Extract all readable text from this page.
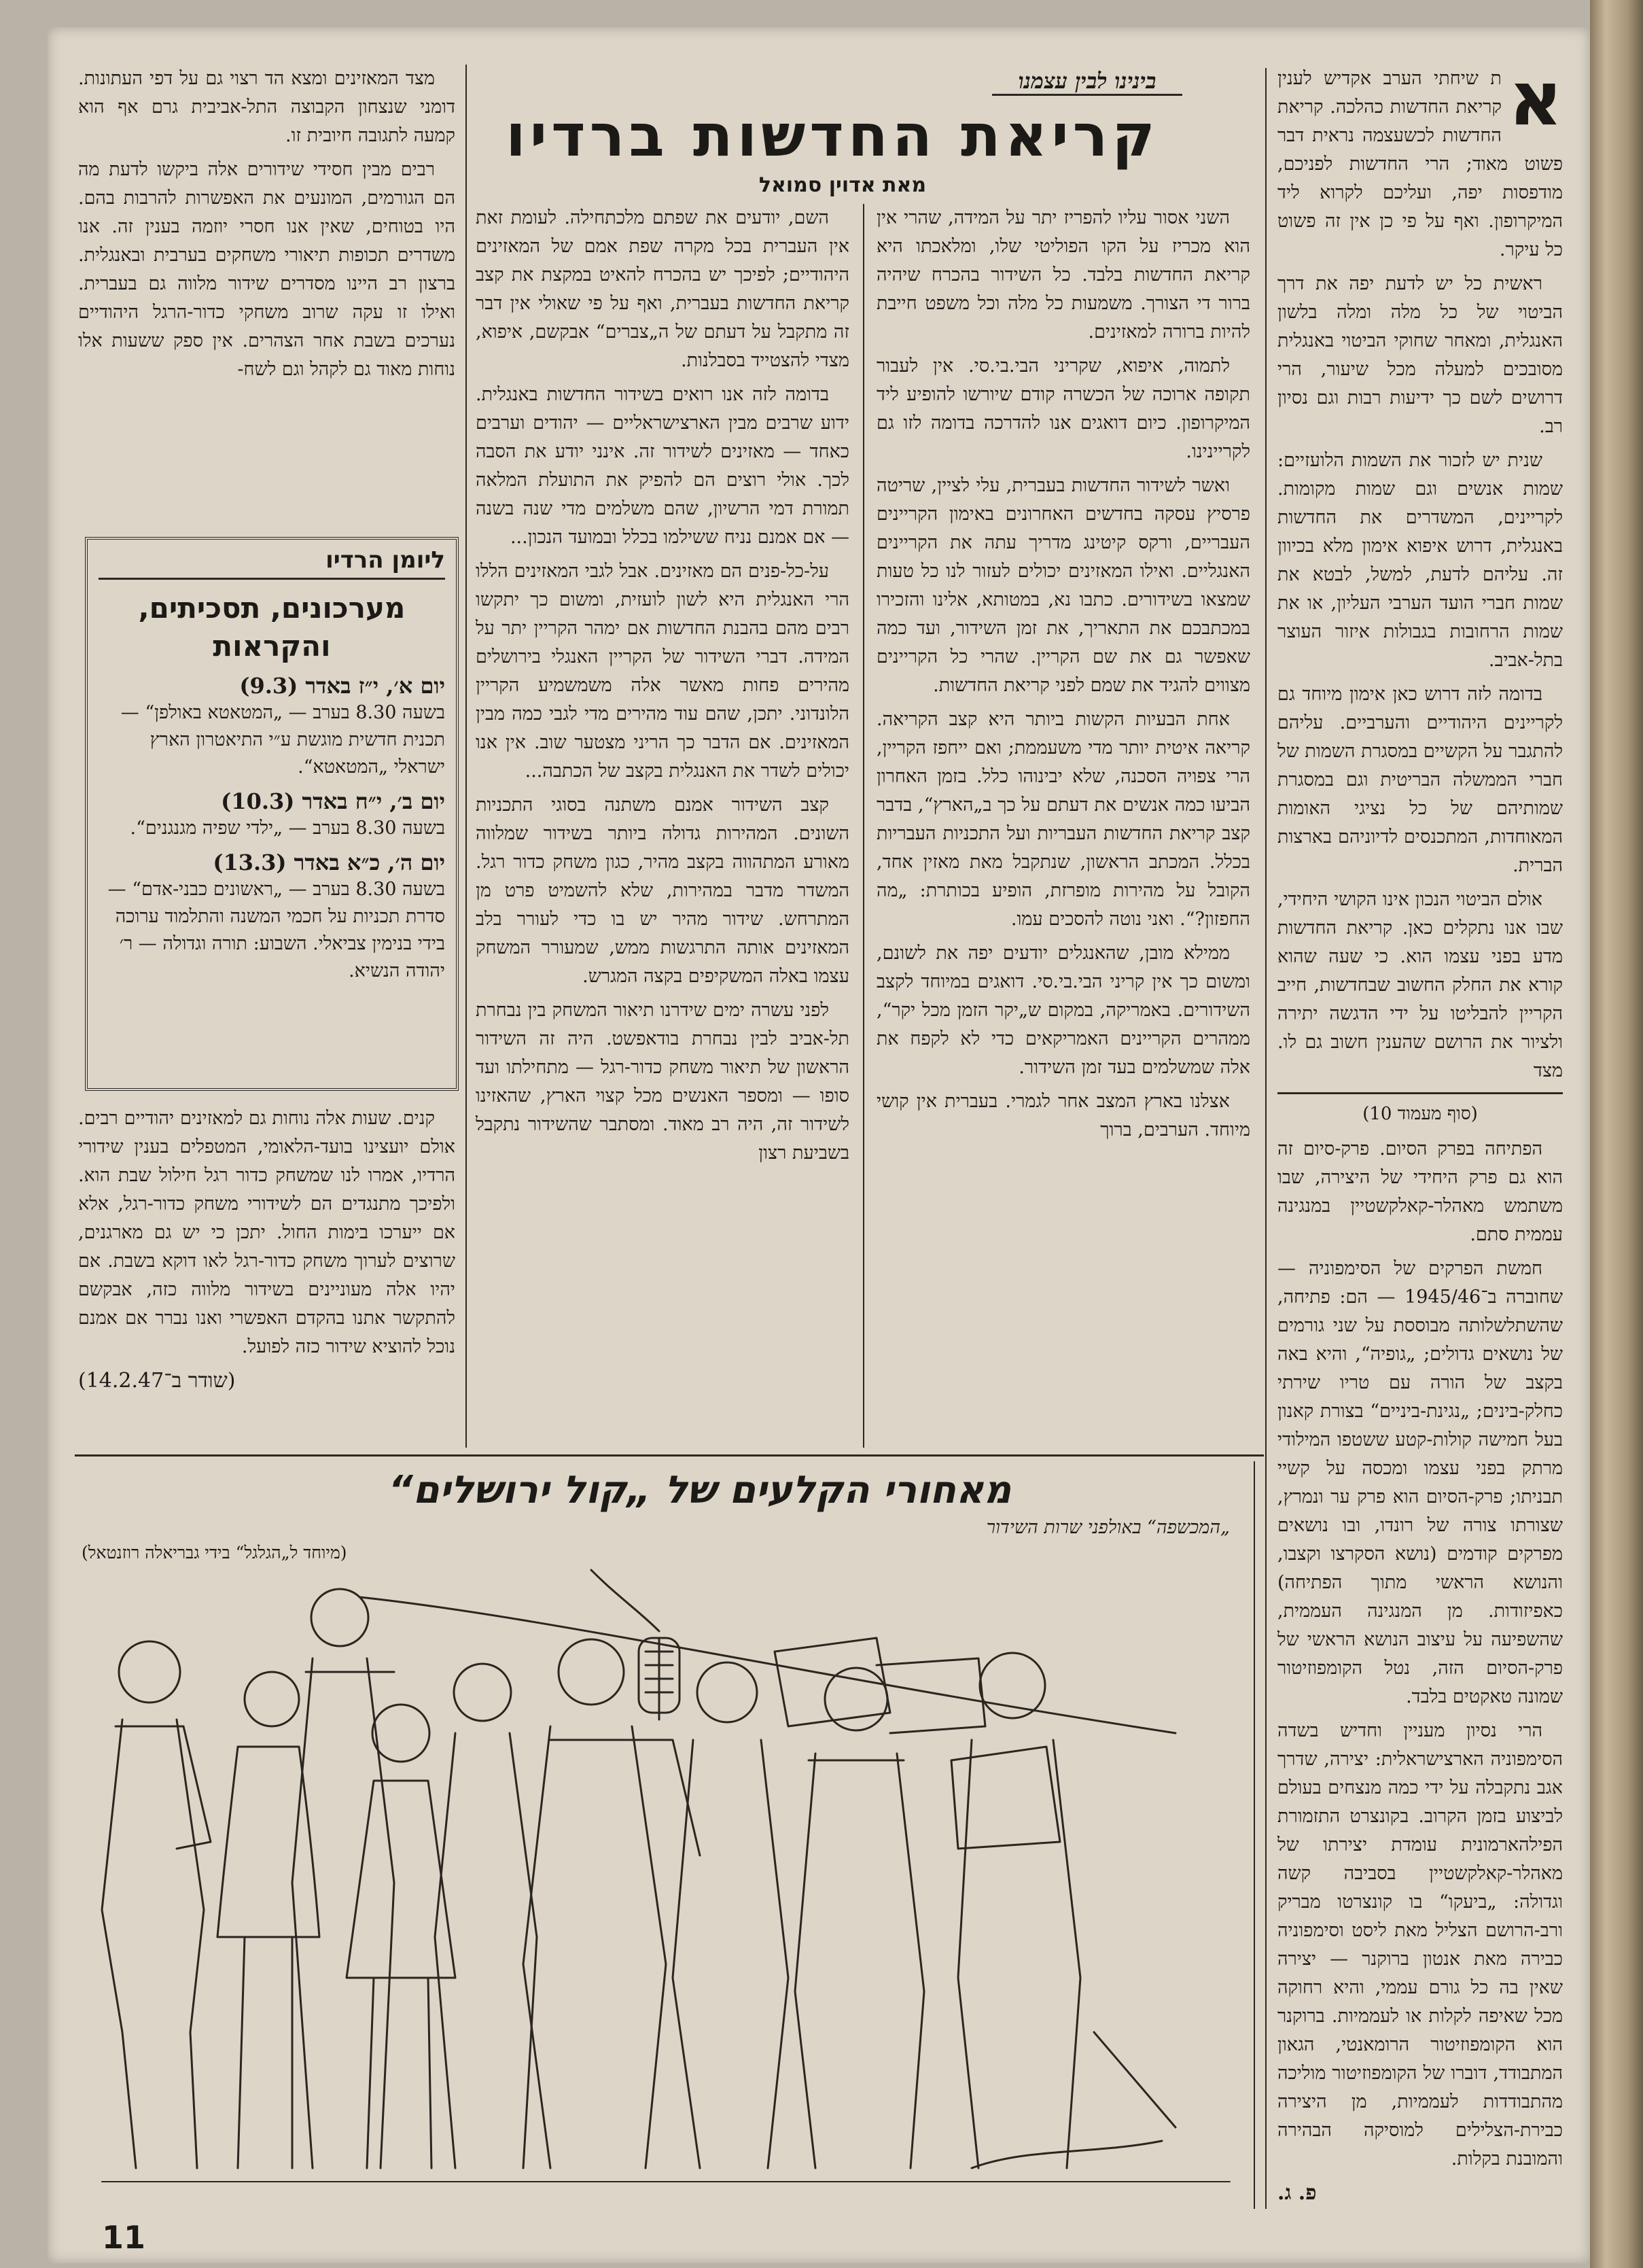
בינינו לבין עצמנו
קריאת החדשות ברדיו
מאת אדוין סמואל

א
ת שיחתי הערב אקדיש לענין קריאת החדשות כהלכה. קריאת החדשות לכשעצמה נראית דבר פשוט מאוד; הרי החדשות לפניכם, מודפסות יפה, ועליכם לקרוא ליד המיקרופון. ואף על פי כן אין זה פשוט כל עיקר.

ראשית כל יש לדעת יפה את דרך הביטוי של כל מלה ומלה בלשון האנגלית, ומאחר שחוקי הביטוי באנגלית מסובכים למעלה מכל שיעור, הרי דרושים לשם כך ידיעות רבות וגם נסיון רב.

שנית יש לזכור את השמות הלועזיים: שמות אנשים וגם שמות מקומות. לקריינים, המשדרים את החדשות באנגלית, דרוש איפוא אימון מלא בכיוון זה. עליהם לדעת, למשל, לבטא את שמות חברי הועד הערבי העליון, או את שמות הרחובות בגבולות איזור העוצר בתל-אביב.

בדומה לזה דרוש כאן אימון מיוחד גם לקריינים היהודיים והערביים. עליהם להתגבר על הקשיים במסגרת השמות של חברי הממשלה הבריטית וגם במסגרת שמותיהם של כל נציגי האומות המאוחדות, המתכנסים לדיוניהם בארצות הברית.

אולם הביטוי הנכון אינו הקושי היחידי, שבו אנו נתקלים כאן. קריאת החדשות מדע בפני עצמו הוא. כי שעה שהוא קורא את החלק החשוב שבחדשות, חייב הקריין להבליטו על ידי הדגשה יתירה ולציור את הרושם שהענין חשוב גם לו. מצד

(סוף מעמוד 10)

הפתיחה בפרק הסיום. פרק-סיום זה הוא גם פרק היחידי של היצירה, שבו משתמש מאהלר-קאלקשטיין במנגינה עממית סתם.

חמשת הפרקים של הסימפוניה — שחוברה ב־1945/46 — הם: פתיחה, שהשתלשלותה מבוססת על שני גורמים של נושאים גדולים; „גופיה“, והיא באה בקצב של הורה עם טריו שירתי כחלק-בינים; „נגינת-ביניים“ בצורת קאנון בעל חמישה קולות-קטע ששטפו המילודי מרתק בפני עצמו ומכסה על קשיי תבניתו; פרק-הסיום הוא פרק ער ונמרץ, שצורתו צורה של רונדו, ובו נושאים מפרקים קודמים (נושא הסקרצו וקצבו, והנושא הראשי מתוך הפתיחה) כאפיזודות. מן המנגינה העממית, שהשפיעה על עיצוב הנושא הראשי של פרק-הסיום הזה, נטל הקומפוזיטור שמונה טאקטים בלבד.

הרי נסיון מעניין וחדיש בשדה הסימפוניה הארצישראלית: יצירה, שדרך אגב נתקבלה על ידי כמה מנצחים בעולם לביצוע בזמן הקרוב. בקונצרט התזמורת הפילהארמונית עומדת יצירתו של מאהלר-קאלקשטיין בסביבה קשה וגדולה: „ביעקו“ בו קונצרטו מבריק ורב-הרושם הצליל מאת ליסט וסימפוניה כבירה מאת אנטון ברוקנר — יצירה שאין בה כל גורם עממי, והיא רחוקה מכל שאיפה לקלות או לעממיות. ברוקנר הוא הקומפוזיטור הרומאנטי, הגאון המתבודד, דוברו של הקומפוזיטור מוליכה מהתבודדות לעממיות, מן היצירה כבירת-הצלילים למוסיקה הבהירה והמובנת בקלות.

פ. ג.

השני אסור עליו להפריז יתר על המידה, שהרי אין הוא מכריז על הקו הפוליטי שלו, ומלאכתו היא קריאת החדשות בלבד. כל השידור בהכרח שיהיה ברור די הצורך. משמעות כל מלה וכל משפט חייבת להיות ברורה למאזינים.

לתמוה, איפוא, שקריני הבי.בי.סי. אין לעבור תקופה ארוכה של הכשרה קודם שיורשו להופיע ליד המיקרופון. כיום דואגים אנו להדרכה בדומה לזו גם לקריינינו.

ואשר לשידור החדשות בעברית, עלי לציין, שריטה פרסיץ עסקה בחדשים האחרונים באימון הקריינים העבריים, ורקס קיטינג מדריך עתה את הקריינים האנגליים. ואילו המאזינים יכולים לעזור לנו כל טעות שמצאו בשידורים. כתבו נא, במטותא, אלינו והזכירו במכתבכם את התאריך, את זמן השידור, ועד כמה שאפשר גם את שם הקריין. שהרי כל הקריינים מצווים להגיד את שמם לפני קריאת החדשות.

אחת הבעיות הקשות ביותר היא קצב הקריאה. קריאה איטית יותר מדי משעממת; ואם ייחפז הקריין, הרי צפויה הסכנה, שלא יבינוהו כלל. בזמן האחרון הביעו כמה אנשים את דעתם על כך ב„הארץ“, בדבר קצב קריאת החדשות העבריות ועל התכניות העבריות בכלל. המכתב הראשון, שנתקבל מאת מאזין אחד, הקובל על מהירות מופרזת, הופיע בכותרת: „מה החפזון?“. ואני נוטה להסכים עמו.

ממילא מובן, שהאנגלים יודעים יפה את לשונם, ומשום כך אין קריני הבי.בי.סי. דואגים במיוחד לקצב השידורים. באמריקה, במקום ש„יקר הזמן מכל יקר“, ממהרים הקריינים האמריקאים כדי לא לקפח את אלה שמשלמים בעד זמן השידור.

אצלנו בארץ המצב אחר לגמרי. בעברית אין קושי מיוחד. הערבים, ברוך

השם, יודעים את שפתם מלכתחילה. לעומת זאת אין העברית בכל מקרה שפת אמם של המאזינים היהודיים; לפיכך יש בהכרח להאיט במקצת את קצב קריאת החדשות בעברית, ואף על פי שאולי אין דבר זה מתקבל על דעתם של ה„צברים“ אבקשם, איפוא, מצדי להצטייד בסבלנות.

בדומה לזה אנו רואים בשידור החדשות באנגלית. ידוע שרבים מבין הארצישראליים — יהודים וערבים כאחד — מאזינים לשידור זה. אינני יודע את הסבה לכך. אולי רוצים הם להפיק את התועלת המלאה תמורת דמי הרשיון, שהם משלמים מדי שנה בשנה — אם אמנם נניח ששילמו בכלל ובמועד הנכון...

על-כל-פנים הם מאזינים. אבל לגבי המאזינים הללו הרי האנגלית היא לשון לועזית, ומשום כך יתקשו רבים מהם בהבנת החדשות אם ימהר הקריין יתר על המידה. דברי השידור של הקריין האנגלי בירושלים מהירים פחות מאשר אלה משמשמיע הקריין הלונדוני. יתכן, שהם עוד מהירים מדי לגבי כמה מבין המאזינים. אם הדבר כך הריני מצטער שוב. אין אנו יכולים לשדר את האנגלית בקצב של הכתבה...

קצב השידור אמנם משתנה בסוגי התכניות השונים. המהירות גדולה ביותר בשידור שמלווה מאורע המתהווה בקצב מהיר, כגון משחק כדור רגל. המשדר מדבר במהירות, שלא להשמיט פרט מן המתרחש. שידור מהיר יש בו כדי לעורר בלב המאזינים אותה התרגשות ממש, שמעורר המשחק עצמו באלה המשקיפים בקצה המגרש.

לפני עשרה ימים שידרנו תיאור המשחק בין נבחרת תל-אביב לבין נבחרת בודאפשט. היה זה השידור הראשון של תיאור משחק כדור-רגל — מתחילתו ועד סופו — ומספר האנשים מכל קצוי הארץ, שהאזינו לשידור זה, היה רב מאוד. ומסתבר שהשידור נתקבל בשביעת רצון

מצד המאזינים ומצא הד רצוי גם על דפי העתונות. דומני שנצחון הקבוצה התל-אביבית גרם אף הוא קמעה לתגובה חיובית זו.

רבים מבין חסידי שידורים אלה ביקשו לדעת מה הם הגורמים, המונעים את האפשרות להרבות בהם. היו בטוחים, שאין אנו חסרי יוזמה בענין זה. אנו משדרים תכופות תיאורי משחקים בערבית ובאנגלית. ברצון רב היינו מסדרים שידור מלווה גם בעברית. ואילו זו עקה שרוב משחקי כדור-הרגל היהודיים נערכים בשבת אחר הצהרים. אין ספק ששעות אלו נוחות מאוד גם לקהל וגם לשח-

ליומן הרדיו
מערכונים, תסכיתים, והקראות
יום א׳, י״ז באדר (9.3)
בשעה 8.30 בערב — „המטאטא באולפן“ — תכנית חדשית מוגשת ע״י התיאטרון הארץ ישראלי „המטאטא“.
יום ב׳, י״ח באדר (10.3)
בשעה 8.30 בערב — „ילדי שפיה מגנגנים“.
יום ה׳, כ״א באדר (13.3)
בשעה 8.30 בערב — „ראשונים כבני-אדם“ — סדרת תכניות על חכמי המשנה והתלמוד ערוכה בידי בנימין צביאלי. השבוע: תורה וגדולה — ר׳ יהודה הנשיא.

קנים. שעות אלה נוחות גם למאזינים יהודיים רבים. אולם יועצינו בועד-הלאומי, המטפלים בענין שידורי הרדיו, אמרו לנו שמשחק כדור רגל חילול שבת הוא. ולפיכך מתנגדים הם לשידורי משחק כדור-רגל, אלא אם ייערכו בימות החול. יתכן כי יש גם מארגנים, שרוצים לערוך משחק כדור-רגל לאו דוקא בשבת. אם יהיו אלה מעוניינים בשידור מלווה כזה, אבקשם להתקשר אתנו בהקדם האפשרי ואנו נברר אם אמנם נוכל להוציא שידור כזה לפועל.

(שודר ב־14.2.47)
מאחורי הקלעים של „קול ירושלים“
„המכשפה“ באולפני שרות השידור
(מיוחד ל„הגלגל“ בידי גבריאלה רוזנטאל)
11
